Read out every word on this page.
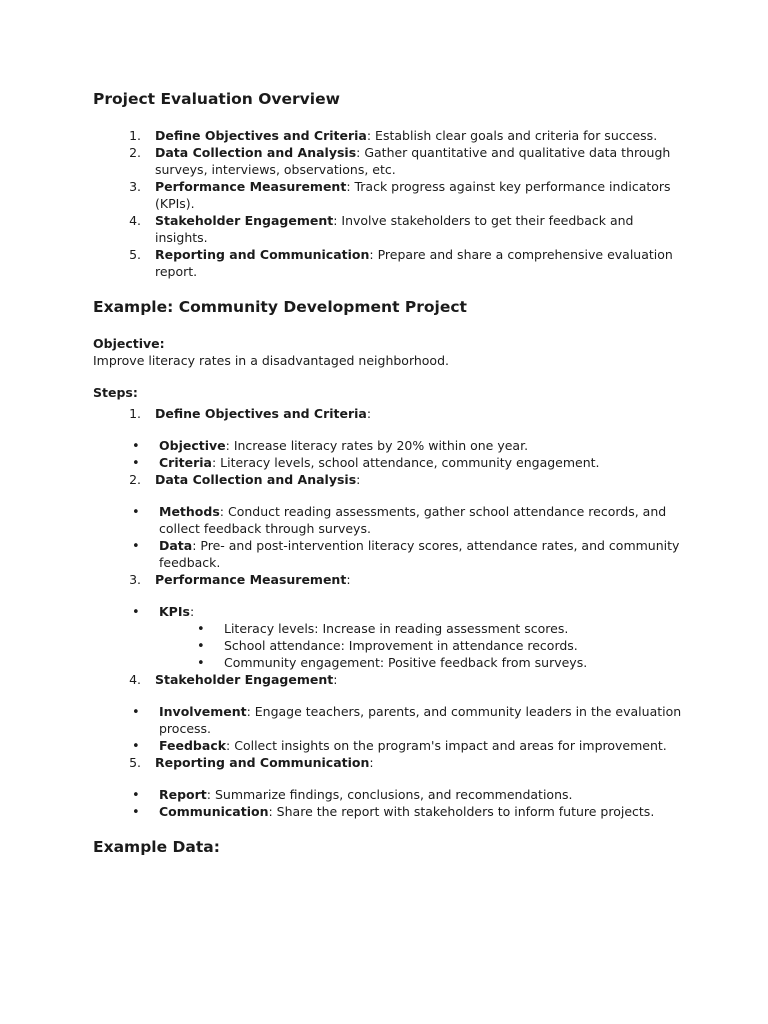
Project Evaluation Overview
1. Define Objectives and Criteria: Establish clear goals and criteria for success.
2. Data Collection and Analysis: Gather quantitative and qualitative data through surveys, interviews, observations, etc.
3. Performance Measurement: Track progress against key performance indicators (KPIs).
4. Stakeholder Engagement: Involve stakeholders to get their feedback and insights.
5. Reporting and Communication: Prepare and share a comprehensive evaluation report.
Example: Community Development Project

Objective:

Improve literacy rates in a disadvantaged neighborhood.

Steps:

1. Define Objectives and Criteria:
•
Objective: Increase literacy rates by 20% within one year.
•
Criteria: Literacy levels, school attendance, community engagement.
2. Data Collection and Analysis:
•
Methods: Conduct reading assessments, gather school attendance records, and collect feedback through surveys.
•
Data: Pre- and post-intervention literacy scores, attendance rates, and community feedback.
3. Performance Measurement:
•
KPIs:
•
Literacy levels: Increase in reading assessment scores.
•
School attendance: Improvement in attendance records.
•
Community engagement: Positive feedback from surveys.
4. Stakeholder Engagement:
•
Involvement: Engage teachers, parents, and community leaders in the evaluation process.
•
Feedback: Collect insights on the program's impact and areas for improvement.
5. Reporting and Communication:
•
Report: Summarize findings, conclusions, and recommendations.
•
Communication: Share the report with stakeholders to inform future projects.
Example Data:
